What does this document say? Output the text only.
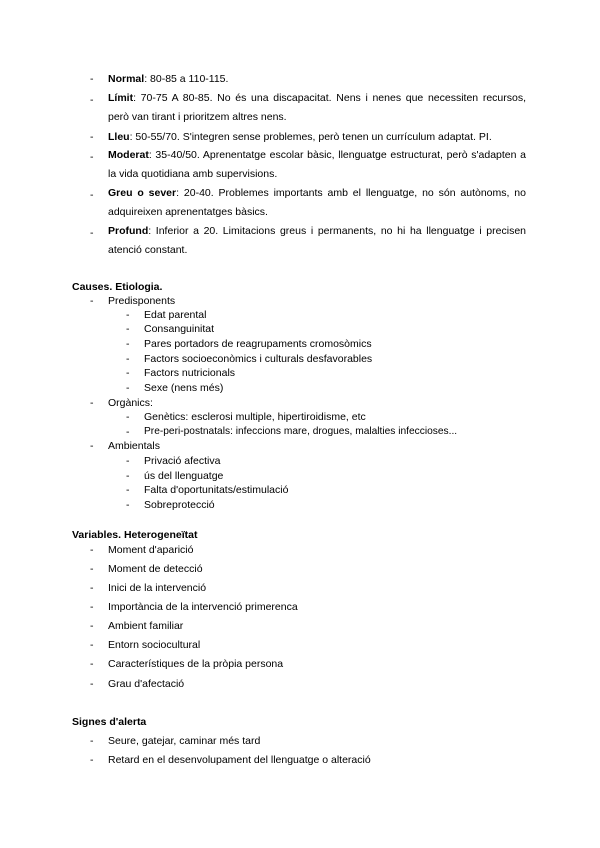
- Normal: 80-85 a 110-115.
- Límit: 70-75 A 80-85. No és una discapacitat. Nens i nenes que necessiten recursos, però van tirant i prioritzem altres nens.
- Lleu: 50-55/70. S'integren sense problemes, però tenen un currículum adaptat. PI.
- Moderat: 35-40/50. Aprenentatge escolar bàsic, llenguatge estructurat, però s'adapten a la vida quotidiana amb supervisions.
- Greu o sever: 20-40. Problemes importants amb el llenguatge, no són autònoms, no adquireixen aprenentatges bàsics.
- Profund: Inferior a 20. Limitacions greus i permanents, no hi ha llenguatge i precisen atenció constant.
Causes. Etiologia.
- Predisponents
- Edat parental
- Consanguinitat
- Pares portadors de reagrupaments cromosòmics
- Factors socioeconòmics i culturals desfavorables
- Factors nutricionals
- Sexe (nens més)
- Orgànics:
- Genètics: esclerosi multiple, hipertiroidisme, etc
- Pre-peri-postnatals: infeccions mare, drogues, malalties infeccioses...
- Ambientals
- Privació afectiva
- ús del llenguatge
- Falta d'oportunitats/estimulació
- Sobreprotecció
Variables. Heterogeneïtat
- Moment d'aparició
- Moment de detecció
- Inici de la intervenció
- Importància de la intervenció primerenca
- Ambient familiar
- Entorn sociocultural
- Característiques de la pròpia persona
- Grau d'afectació
Signes d'alerta
- Seure, gatejar, caminar més tard
- Retard en el desenvolupament del llenguatge o alteració
